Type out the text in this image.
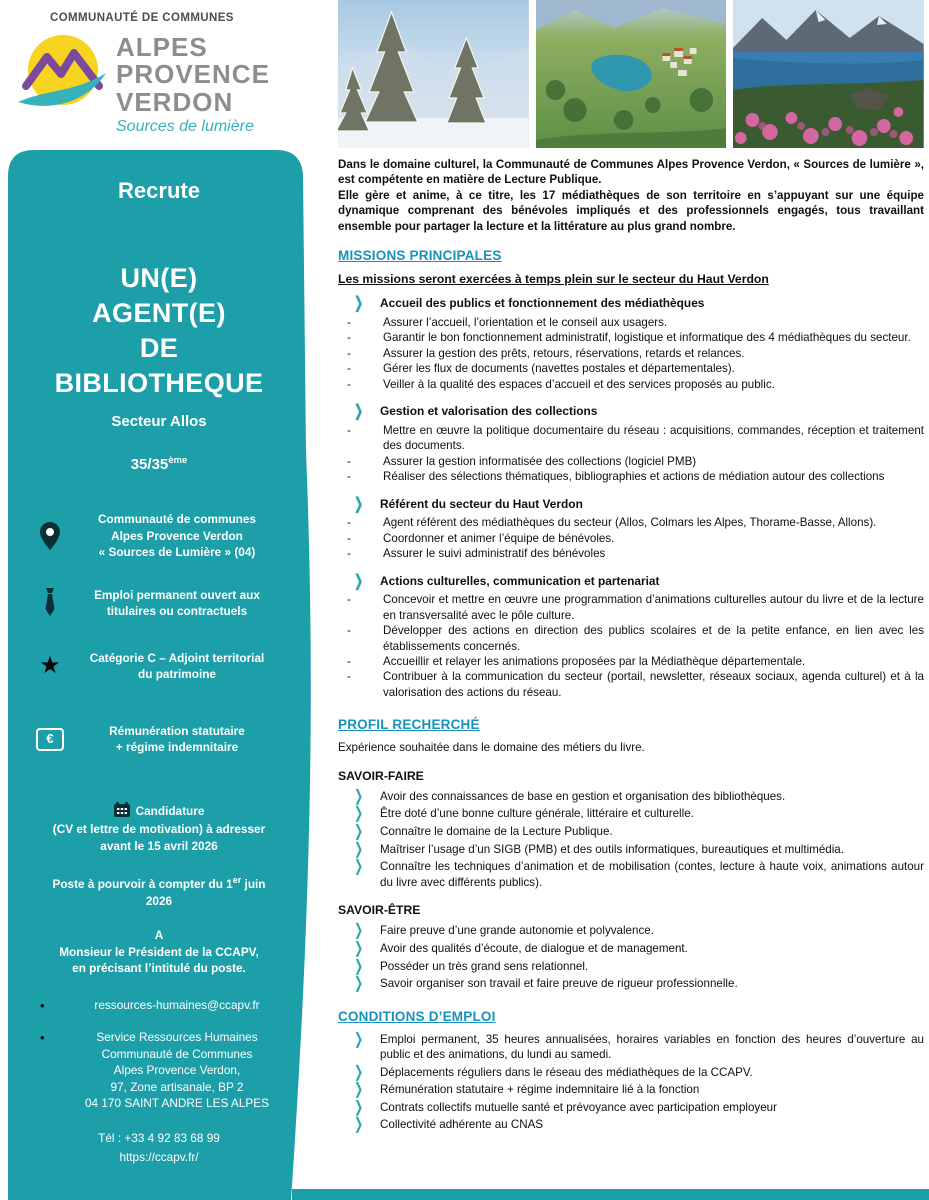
COMMUNAUTÉ DE COMMUNES
ALPES
PROVENCE
VERDON
Sources de lumière
Recrute
UN(E)
AGENT(E)
DE
BIBLIOTHEQUE
Secteur Allos
35/35ème
Communauté de communes
Alpes Provence Verdon
« Sources de Lumière » (04)
Emploi permanent ouvert aux
titulaires ou contractuels
★
Catégorie C – Adjoint territorial
du patrimoine
€
Rémunération statutaire
+ régime indemnitaire
Candidature
(CV et lettre de motivation) à adresser
avant le 15 avril 2026
Poste à pourvoir à compter du 1er juin
2026
A
Monsieur le Président de la CCAPV,
en précisant l’intitulé du poste.
•
ressources-humaines@ccapv.fr
•
Service Ressources Humaines
Communauté de Communes
Alpes Provence Verdon,
97, Zone artisanale, BP 2
04 170 SAINT ANDRE LES ALPES
Tél : +33 4 92 83 68 99
https://ccapv.fr/

Dans le domaine culturel, la Communauté de Communes Alpes Provence Verdon, « Sources de lumière », est compétente en matière de Lecture Publique.

Elle gère et anime, à ce titre, les 17 médiathèques de son territoire en s’appuyant sur une équipe dynamique comprenant des bénévoles impliqués et des professionnels engagés, tous travaillant ensemble pour partager la lecture et la littérature au plus grand nombre.

MISSIONS PRINCIPALES
Les missions seront exercées à temps plein sur le secteur du Haut Verdon
❯
Accueil des publics et fonctionnement des médiathèques
-
Assurer l’accueil, l’orientation et le conseil aux usagers.
-
Garantir le bon fonctionnement administratif, logistique et informatique des 4 médiathèques du secteur.
-
Assurer la gestion des prêts, retours, réservations, retards et relances.
-
Gérer les flux de documents (navettes postales et départementales).
-
Veiller à la qualité des espaces d’accueil et des services proposés au public.
❯
Gestion et valorisation des collections
-
Mettre en œuvre la politique documentaire du réseau : acquisitions, commandes, réception et traitement des documents.
-
Assurer la gestion informatisée des collections (logiciel PMB)
-
Réaliser des sélections thématiques, bibliographies et actions de médiation autour des collections
❯
Référent du secteur du Haut Verdon
-
Agent référent des médiathèques du secteur (Allos, Colmars les Alpes, Thorame-Basse, Allons).
-
Coordonner et animer l’équipe de bénévoles.
-
Assurer le suivi administratif des bénévoles
❯
Actions culturelles, communication et partenariat
-
Concevoir et mettre en œuvre une programmation d’animations culturelles autour du livre et de la lecture en transversalité avec le pôle culture.
-
Développer des actions en direction des publics scolaires et de la petite enfance, en lien avec les établissements concernés.
-
Accueillir et relayer les animations proposées par la Médiathèque départementale.
-
Contribuer à la communication du secteur (portail, newsletter, réseaux sociaux, agenda culturel) et à la valorisation des actions du réseau.
PROFIL RECHERCHÉ
Expérience souhaitée dans le domaine des métiers du livre.
SAVOIR-FAIRE
❯
Avoir des connaissances de base en gestion et organisation des bibliothèques.
❯
Être doté d’une bonne culture générale, littéraire et culturelle.
❯
Connaître le domaine de la Lecture Publique.
❯
Maîtriser l’usage d’un SIGB (PMB) et des outils informatiques, bureautiques et multimédia.
❯
Connaître les techniques d’animation et de mobilisation (contes, lecture à haute voix, animations autour du livre avec différents publics).
SAVOIR-ÊTRE
❯
Faire preuve d’une grande autonomie et polyvalence.
❯
Avoir des qualités d’écoute, de dialogue et de management.
❯
Posséder un très grand sens relationnel.
❯
Savoir organiser son travail et faire preuve de rigueur professionnelle.
CONDITIONS D’EMPLOI
❯
Emploi permanent, 35 heures annualisées, horaires variables en fonction des heures d’ouverture au public et des animations, du lundi au samedi.
❯
Déplacements réguliers dans le réseau des médiathèques de la CCAPV.
❯
Rémunération statutaire + régime indemnitaire lié à la fonction
❯
Contrats collectifs mutuelle santé et prévoyance avec participation employeur
❯
Collectivité adhérente au CNAS
